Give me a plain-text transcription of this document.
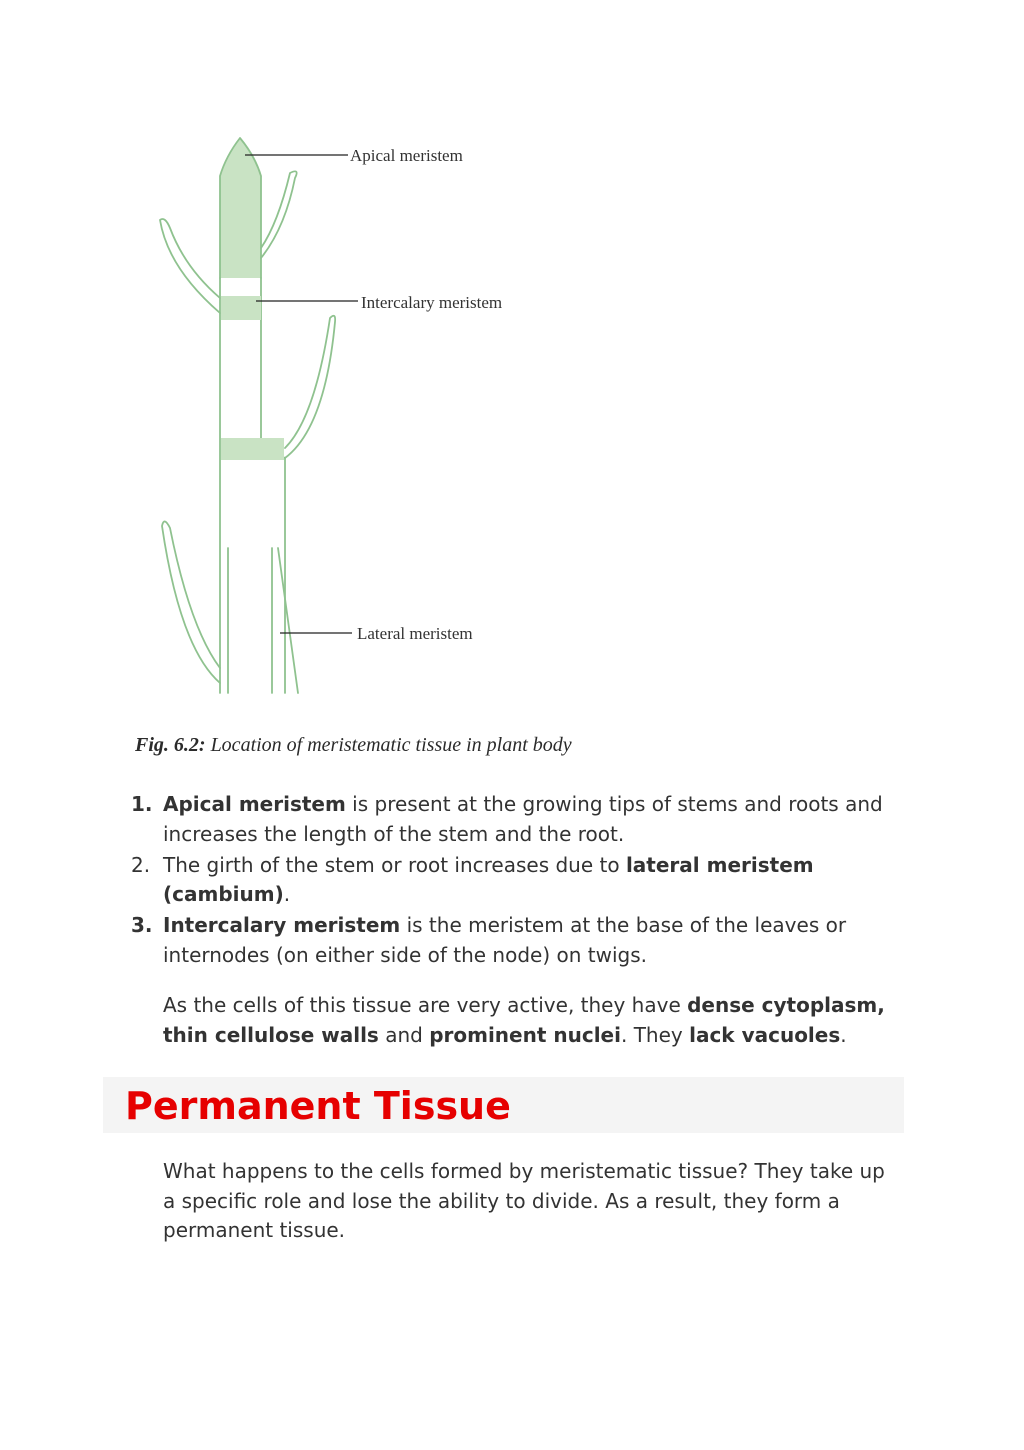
Apical meristem
Intercalary meristem
Lateral meristem
Fig. 6.2: Location of meristematic tissue in plant body
1. Apical meristem is present at the growing tips of stems and roots and increases the length of the stem and the root.
2. The girth of the stem or root increases due to lateral meristem (cambium).
3. Intercalary meristem is the meristem at the base of the leaves or internodes (on either side of the node) on twigs.

As the cells of this tissue are very active, they have dense cytoplasm, thin cellulose walls and prominent nuclei. They lack vacuoles.

Permanent Tissue

What happens to the cells formed by meristematic tissue? They take up a specific role and lose the ability to divide. As a result, they form a permanent tissue.
